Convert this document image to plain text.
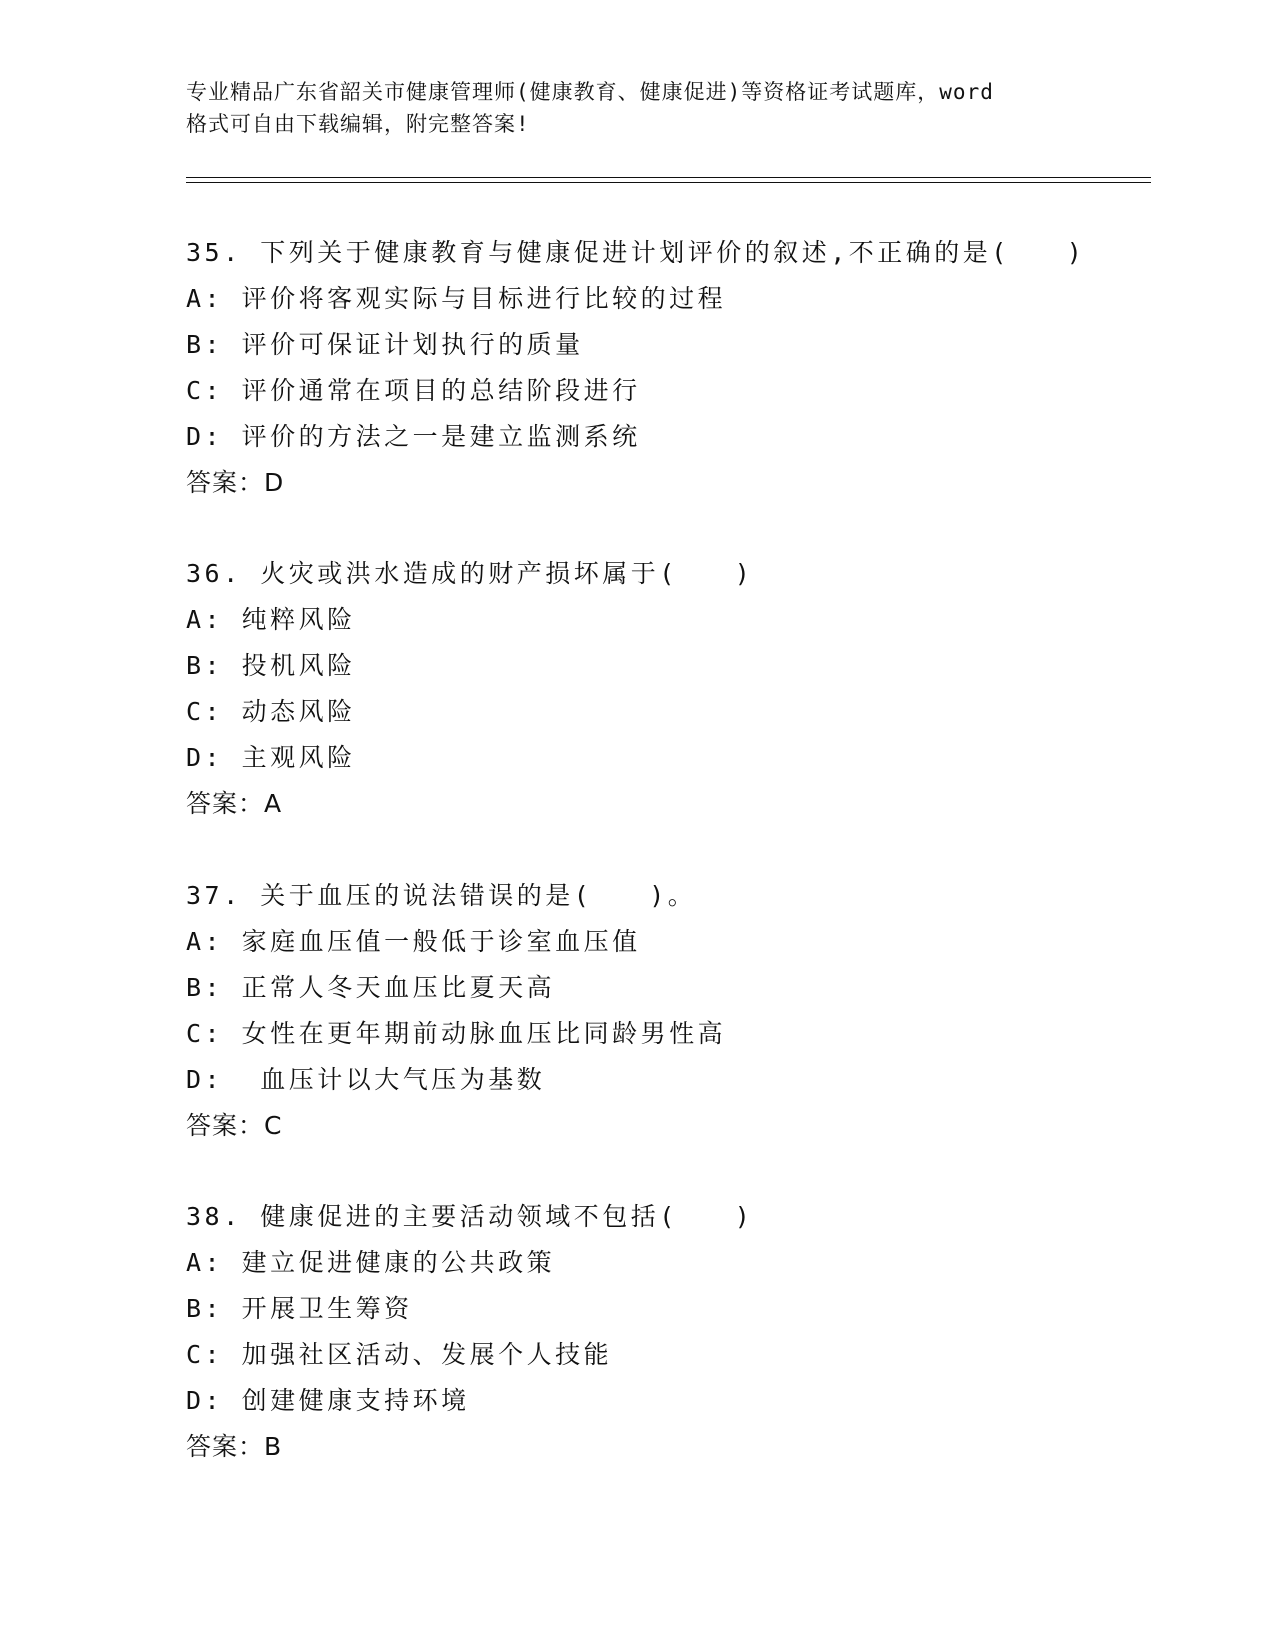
专业精品广东省韶关市健康管理师(健康教育、健康促进)等资格证考试题库，word
格式可自由下载编辑，附完整答案!
35. 下列关于健康教育与健康促进计划评价的叙述,不正确的是(　　)
A: 评价将客观实际与目标进行比较的过程
B: 评价可保证计划执行的质量
C: 评价通常在项目的总结阶段进行
D: 评价的方法之一是建立监测系统
答案：D
36. 火灾或洪水造成的财产损坏属于(　　)
A: 纯粹风险
B: 投机风险
C: 动态风险
D: 主观风险
答案：A
37. 关于血压的说法错误的是(　　)。
A: 家庭血压值一般低于诊室血压值
B: 正常人冬天血压比夏天高
C: 女性在更年期前动脉血压比同龄男性高
D:  血压计以大气压为基数
答案：C
38. 健康促进的主要活动领域不包括(　　)
A: 建立促进健康的公共政策
B: 开展卫生筹资
C: 加强社区活动、发展个人技能
D: 创建健康支持环境
答案：B
